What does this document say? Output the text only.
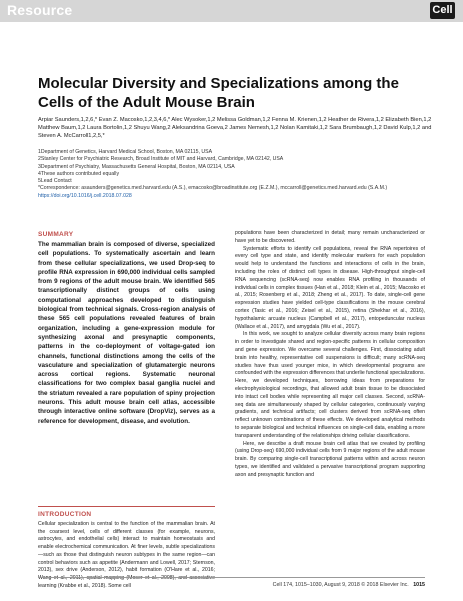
Resource	Cell
Molecular Diversity and Specializations among the Cells of the Adult Mouse Brain
Arpiar Saunders,1,2,6,* Evan Z. Macosko,1,2,3,4,6,* Alec Wysoker,1,2 Melissa Goldman,1,2 Fenna M. Krienen,1,2 Heather de Rivera,1,2 Elizabeth Bien,1,2 Matthew Baum,1,2 Laura Bortolin,1,2 Shuyu Wang,2 Aleksandrina Goeva,2 James Nemesh,1,2 Nolan Kamitaki,1,2 Sara Brumbaugh,1,2 David Kulp,1,2 and Steven A. McCarroll1,2,5,*
1Department of Genetics, Harvard Medical School, Boston, MA 02115, USA
2Stanley Center for Psychiatric Research, Broad Institute of MIT and Harvard, Cambridge, MA 02142, USA
3Department of Psychiatry, Massachusetts General Hospital, Boston, MA 02114, USA
4These authors contributed equally
5Lead Contact
*Correspondence: asaunders@genetics.med.harvard.edu (A.S.), emacosko@broadinstitute.org (E.Z.M.), mccarroll@genetics.med.harvard.edu (S.A.M.)
https://doi.org/10.1016/j.cell.2018.07.028
SUMMARY
The mammalian brain is composed of diverse, specialized cell populations. To systematically ascertain and learn from these cellular specializations, we used Drop-seq to profile RNA expression in 690,000 individual cells sampled from 9 regions of the adult mouse brain. We identified 565 transcriptionally distinct groups of cells using computational approaches developed to distinguish biological from technical signals. Cross-region analysis of these 565 cell populations revealed features of brain organization, including a gene-expression module for synthesizing axonal and presynaptic components, patterns in the co-deployment of voltage-gated ion channels, functional distinctions among the cells of the vasculature and specialization of glutamatergic neurons across cortical regions. Systematic neuronal classifications for two complex basal ganglia nuclei and the striatum revealed a rare population of spiny projection neurons. This adult mouse brain cell atlas, accessible through interactive online software (DropViz), serves as a reference for development, disease, and evolution.
INTRODUCTION
Cellular specialization is central to the function of the mammalian brain. At the coarsest level, cells of different classes (for example, neurons, astrocytes, and endothelial cells) interact to maintain homeostasis and enable electrochemical communication. At finer levels, subtle specializations—such as those that distinguish neuron subtypes in the same region—can control behaviors such as appetite (Andermann and Lowell, 2017; Sternson, 2013), sex drive (Anderson, 2012), habit formation (O'Hare et al., 2016; learning (Krabbe et al., 2018). Some cell

populations have been characterized in detail; many remain uncharacterized or have yet to be discovered.

Systematic efforts to identify cell populations, reveal the RNA repertoires of every cell type and state, and identify molecular markers for each population would help to understand the functions and interactions of cells in the brain, including the roles of distinct cell types in disease. High-throughput single-cell RNA sequencing (scRNA-seq) now enables RNA profiling in thousands of individual cells in complex tissues (Han et al., 2018; Klein et al., 2015; Macosko et al., 2015; Rosenberg et al., 2018; Zheng et al., 2017). To date, single-cell gene expression studies have yielded cell-type classifications in the mouse cerebral cortex (Tasic et al., 2016; Zeisel et al., 2015), retina (Shekhar et al., 2016), hypothalamic arcuate nucleus (Campbell et al., 2017), entopeduncular nucleus (Wallace et al., 2017), and amygdala (Wu et al., 2017).

In this work, we sought to analyze cellular diversity across many brain regions in order to investigate shared and region-specific patterns in cellular composition and gene expression. We overcame several challenges. First, dissociating adult brain into healthy, representative cell suspensions is difficult; many scRNA-seq studies have thus used younger mice, in which developmental programs are confounded with the expression differences that underlie functional specializations. Here, we developed techniques, borrowing ideas from preparations for electrophysiological recordings, that allowed adult brain tissue to be dissociated into intact cell bodies while representing all major cell classes. Second, scRNA-seq data are simultaneously shaped by cellular categories, continuously varying gradients, and technical artifacts; cell clusters derived from scRNA-seq often reflect unknown combinations of these effects. We developed analytical methods to separate biological and technical influences on single-cell data, enabling a more transparent understanding of the relationships driving cellular classifications.

Here, we describe a draft mouse brain cell atlas that we created by profiling (using Drop-seq) 690,000 individual cells from 9 major regions of the adult mouse brain. By comparing single-cell transcriptional patterns within and across neuron types, we identified and validated a pervasive transcriptional program supporting axon and presynaptic function and

Cell 174, 1015–1030, August 9, 2018 © 2018 Elsevier Inc. 1015
